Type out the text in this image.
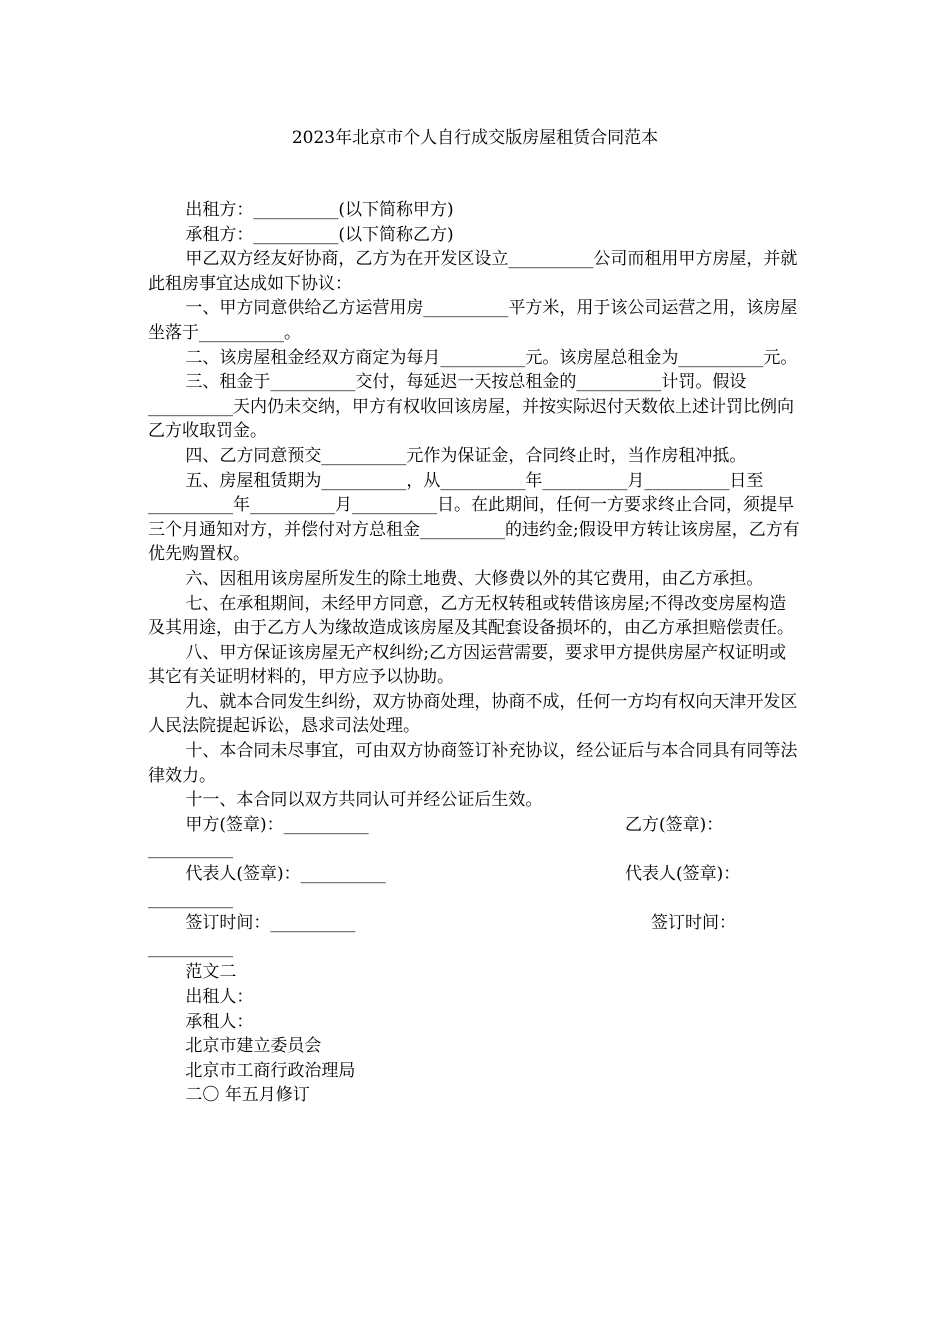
2023年北京市个人自行成交版房屋租赁合同范本

出租方：__________(以下简称甲方)

承租方：__________(以下简称乙方)

甲乙双方经友好协商，乙方为在开发区设立__________公司而租用甲方房屋，并就此租房事宜达成如下协议：

一、甲方同意供给乙方运营用房__________平方米，用于该公司运营之用，该房屋坐落于__________。

二、该房屋租金经双方商定为每月__________元。该房屋总租金为__________元。

三、租金于__________交付，每延迟一天按总租金的__________计罚。假设__________天内仍未交纳，甲方有权收回该房屋，并按实际迟付天数依上述计罚比例向乙方收取罚金。

四、乙方同意预交__________元作为保证金，合同终止时，当作房租冲抵。

五、房屋租赁期为__________，从__________年__________月__________日至__________年__________月__________日。在此期间，任何一方要求终止合同，须提早三个月通知对方，并偿付对方总租金__________的违约金;假设甲方转让该房屋，乙方有优先购置权。

六、因租用该房屋所发生的除土地费、大修费以外的其它费用，由乙方承担。

七、在承租期间，未经甲方同意，乙方无权转租或转借该房屋;不得改变房屋构造及其用途，由于乙方人为缘故造成该房屋及其配套设备损坏的，由乙方承担赔偿责任。

八、甲方保证该房屋无产权纠纷;乙方因运营需要，要求甲方提供房屋产权证明或其它有关证明材料的，甲方应予以协助。

九、就本合同发生纠纷，双方协商处理，协商不成，任何一方均有权向天津开发区人民法院提起诉讼，恳求司法处理。

十、本合同未尽事宜，可由双方协商签订补充协议，经公证后与本合同具有同等法律效力。

十一、本合同以双方共同认可并经公证后生效。

甲方(签章)：__________	乙方(签章)：

__________

代表人(签章)：__________	代表人(签章)：

__________

签订时间：__________	签订时间：

__________

范文二

出租人：

承租人：

北京市建立委员会

北京市工商行政治理局

二〇 年五月修订
